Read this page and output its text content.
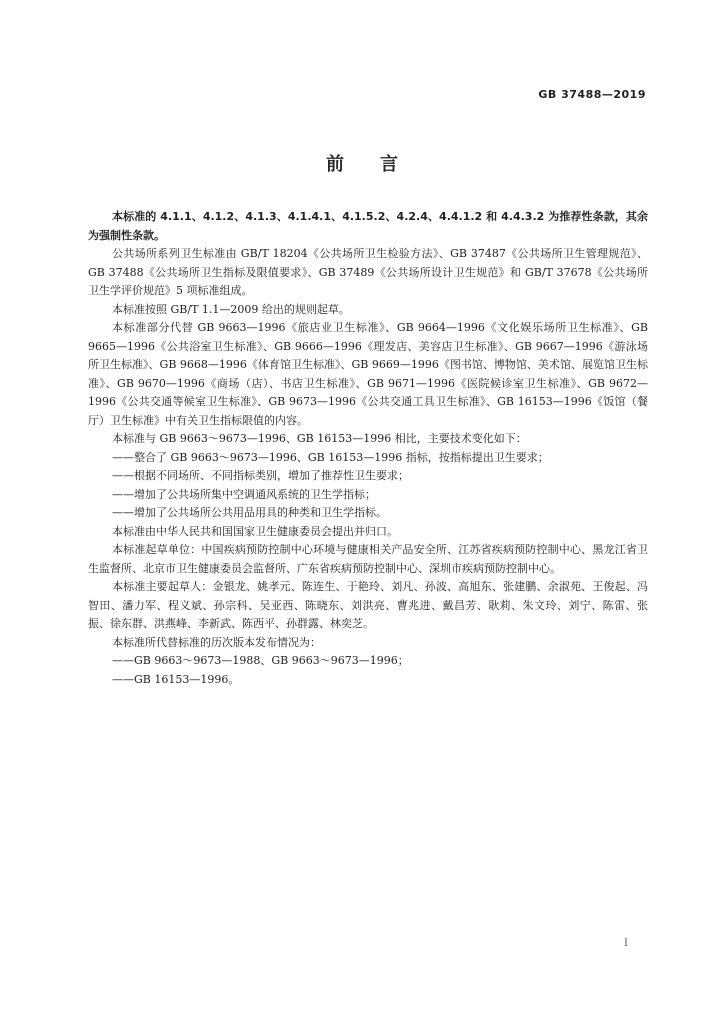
GB 37488—2019
前言

本标准的 4.1.1、4.1.2、4.1.3、4.1.4.1、4.1.5.2、4.2.4、4.4.1.2 和 4.4.3.2 为推荐性条款，其余为强制性条款。

公共场所系列卫生标准由 GB/T 18204《公共场所卫生检验方法》、GB 37487《公共场所卫生管理规范》、GB 37488《公共场所卫生指标及限值要求》、GB 37489《公共场所设计卫生规范》和 GB/T 37678《公共场所卫生学评价规范》5 项标准组成。

本标准按照 GB/T 1.1—2009 给出的规则起草。

本标准部分代替 GB 9663—1996《旅店业卫生标准》、GB 9664—1996《文化娱乐场所卫生标准》、GB 9665—1996《公共浴室卫生标准》、GB 9666—1996《理发店、美容店卫生标准》、GB 9667—1996《游泳场所卫生标准》、GB 9668—1996《体育馆卫生标准》、GB 9669—1996《图书馆、博物馆、美术馆、展览馆卫生标准》、GB 9670—1996《商场（店）、书店卫生标准》、GB 9671—1996《医院候诊室卫生标准》、GB 9672—1996《公共交通等候室卫生标准》、GB 9673—1996《公共交通工具卫生标准》、GB 16153—1996《饭馆（餐厅）卫生标准》中有关卫生指标限值的内容。

本标准与 GB 9663～9673—1996、GB 16153—1996 相比，主要技术变化如下：

——整合了 GB 9663～9673—1996、GB 16153—1996 指标，按指标提出卫生要求；

——根据不同场所、不同指标类别，增加了推荐性卫生要求；

——增加了公共场所集中空调通风系统的卫生学指标；

——增加了公共场所公共用品用具的种类和卫生学指标。

本标准由中华人民共和国国家卫生健康委员会提出并归口。

本标准起草单位：中国疾病预防控制中心环境与健康相关产品安全所、江苏省疾病预防控制中心、黑龙江省卫生监督所、北京市卫生健康委员会监督所、广东省疾病预防控制中心、深圳市疾病预防控制中心。

本标准主要起草人：金银龙、姚孝元、陈连生、于艳玲、刘凡、孙波、高旭东、张建鹏、余淑苑、王俊起、冯智田、潘力军、程义斌、孙宗科、吴亚西、陈晓东、刘洪亮、曹兆进、戴昌芳、耿莉、朱文玲、刘宁、陈雷、张振、徐东群、洪燕峰、李新武、陈西平、孙群露、林奕芝。

本标准所代替标准的历次版本发布情况为：

——GB 9663～9673—1988、GB 9663～9673—1996；

——GB 16153—1996。

I
